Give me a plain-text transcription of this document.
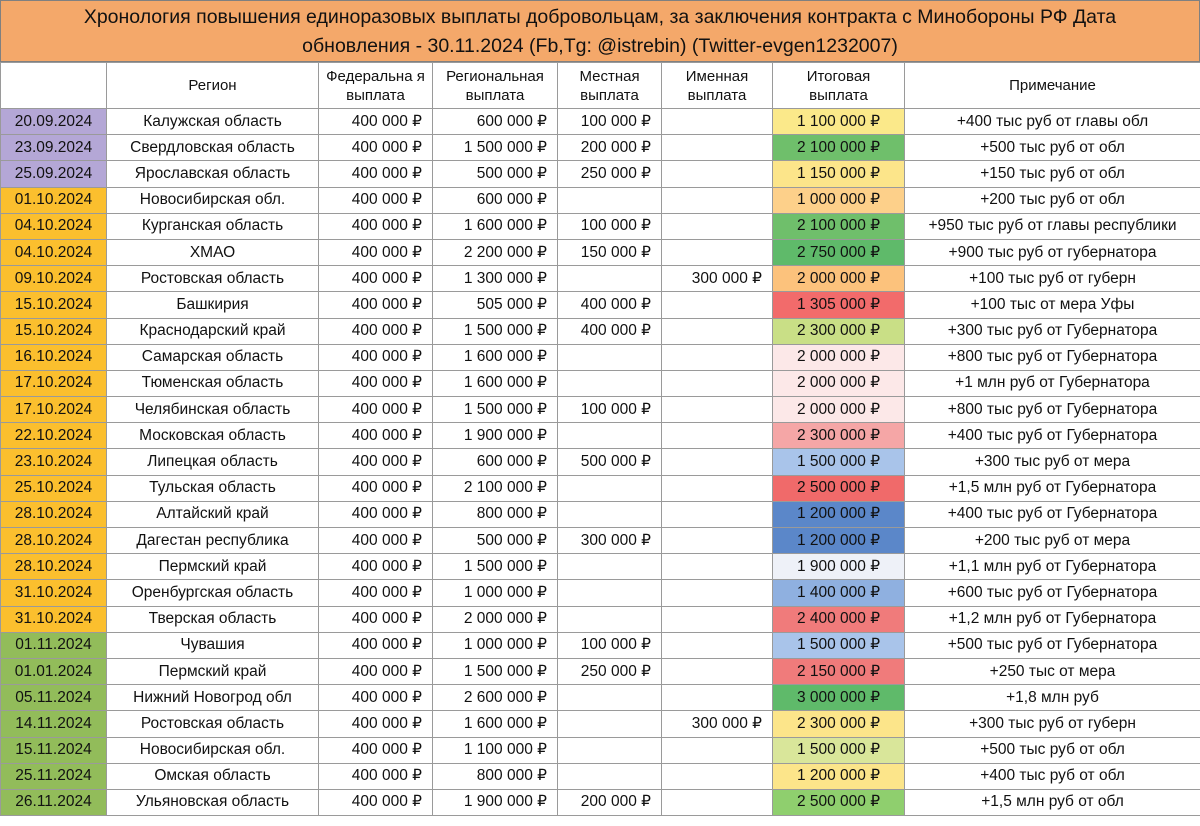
Хронология повышения единоразовых выплаты добровольцам, за заключения контракта с Минобороны РФ Дата
обновления - 30.11.2024 (Fb,Tg: @istrebin) (Twitter-evgen1232007)
	Регион	Федеральна я выплата	Региональная выплата	Местная выплата	Именная выплата	Итоговая выплата	Примечание
20.09.2024	Калужская область	400 000 ₽	600 000 ₽	100 000 ₽		1 100 000 ₽	+400 тыс руб от главы обл
23.09.2024	Свердловская область	400 000 ₽	1 500 000 ₽	200 000 ₽		2 100 000 ₽	+500 тыс руб от обл
25.09.2024	Ярославская область	400 000 ₽	500 000 ₽	250 000 ₽		1 150 000 ₽	+150 тыс руб от обл
01.10.2024	Новосибирская обл.	400 000 ₽	600 000 ₽			1 000 000 ₽	+200 тыс руб от обл
04.10.2024	Курганская область	400 000 ₽	1 600 000 ₽	100 000 ₽		2 100 000 ₽	+950 тыс руб от главы республики
04.10.2024	ХМАО	400 000 ₽	2 200 000 ₽	150 000 ₽		2 750 000 ₽	+900 тыс руб от губернатора
09.10.2024	Ростовская область	400 000 ₽	1 300 000 ₽		300 000 ₽	2 000 000 ₽	+100 тыс руб от губерн
15.10.2024	Башкирия	400 000 ₽	505 000 ₽	400 000 ₽		1 305 000 ₽	+100 тыс от мера Уфы
15.10.2024	Краснодарский край	400 000 ₽	1 500 000 ₽	400 000 ₽		2 300 000 ₽	+300 тыс руб от Губернатора
16.10.2024	Самарская область	400 000 ₽	1 600 000 ₽			2 000 000 ₽	+800 тыс руб от Губернатора
17.10.2024	Тюменская область	400 000 ₽	1 600 000 ₽			2 000 000 ₽	+1 млн руб от Губернатора
17.10.2024	Челябинская область	400 000 ₽	1 500 000 ₽	100 000 ₽		2 000 000 ₽	+800 тыс руб от Губернатора
22.10.2024	Московская область	400 000 ₽	1 900 000 ₽			2 300 000 ₽	+400 тыс руб от Губернатора
23.10.2024	Липецкая область	400 000 ₽	600 000 ₽	500 000 ₽		1 500 000 ₽	+300 тыс руб от мера
25.10.2024	Тульская область	400 000 ₽	2 100 000 ₽			2 500 000 ₽	+1,5 млн руб от Губернатора
28.10.2024	Алтайский край	400 000 ₽	800 000 ₽			1 200 000 ₽	+400 тыс руб от Губернатора
28.10.2024	Дагестан республика	400 000 ₽	500 000 ₽	300 000 ₽		1 200 000 ₽	+200 тыс руб от мера
28.10.2024	Пермский край	400 000 ₽	1 500 000 ₽			1 900 000 ₽	+1,1 млн руб от Губернатора
31.10.2024	Оренбургская область	400 000 ₽	1 000 000 ₽			1 400 000 ₽	+600 тыс руб от Губернатора
31.10.2024	Тверская область	400 000 ₽	2 000 000 ₽			2 400 000 ₽	+1,2 млн руб от Губернатора
01.11.2024	Чувашия	400 000 ₽	1 000 000 ₽	100 000 ₽		1 500 000 ₽	+500 тыс руб от Губернатора
01.01.2024	Пермский край	400 000 ₽	1 500 000 ₽	250 000 ₽		2 150 000 ₽	+250 тыс от мера
05.11.2024	Нижний Новогрод обл	400 000 ₽	2 600 000 ₽			3 000 000 ₽	+1,8 млн руб
14.11.2024	Ростовская область	400 000 ₽	1 600 000 ₽		300 000 ₽	2 300 000 ₽	+300 тыс руб от губерн
15.11.2024	Новосибирская обл.	400 000 ₽	1 100 000 ₽			1 500 000 ₽	+500 тыс руб от обл
25.11.2024	Омская область	400 000 ₽	800 000 ₽			1 200 000 ₽	+400 тыс руб от обл
26.11.2024	Ульяновская область	400 000 ₽	1 900 000 ₽	200 000 ₽		2 500 000 ₽	+1,5 млн руб от обл
